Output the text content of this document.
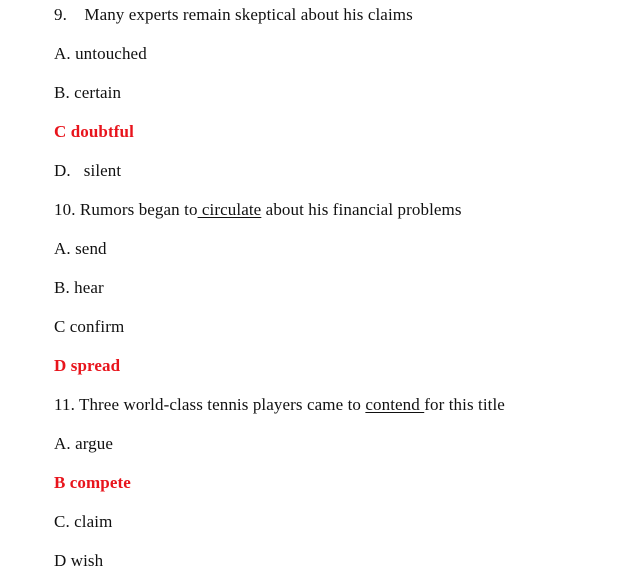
9.    Many experts remain skeptical about his claims
A. untouched
B. certain
C doubtful
D.   silent
10. Rumors began to circulate about his financial problems
A. send
B. hear
C confirm
D spread
11. Three world-class tennis players came to contend for this title
A. argue
B compete
C. claim
D wish
